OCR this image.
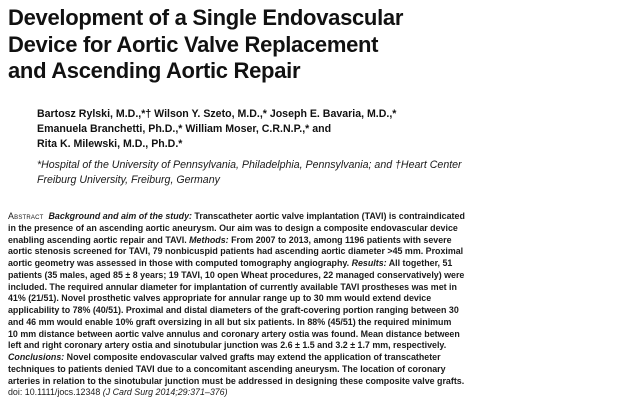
Development of a Single Endovascular
Device for Aortic Valve Replacement
and Ascending Aortic Repair
Bartosz Rylski, M.D.,*† Wilson Y. Szeto, M.D.,* Joseph E. Bavaria, M.D.,*
Emanuela Branchetti, Ph.D.,* William Moser, C.R.N.P.,* and
Rita K. Milewski, M.D., Ph.D.*
*Hospital of the University of Pennsylvania, Philadelphia, Pennsylvania; and †Heart Center
Freiburg University, Freiburg, Germany
Abstract Background and aim of the study: Transcatheter aortic valve implantation (TAVI) is contraindicated
in the presence of an ascending aortic aneurysm. Our aim was to design a composite endovascular device
enabling ascending aortic repair and TAVI. Methods: From 2007 to 2013, among 1196 patients with severe
aortic stenosis screened for TAVI, 79 nonbicuspid patients had ascending aortic diameter >45 mm. Proximal
aortic geometry was assessed in those with computed tomography angiography. Results: All together, 51
patients (35 males, aged 85 ± 8 years; 19 TAVI, 10 open Wheat procedures, 22 managed conservatively) were
included. The required annular diameter for implantation of currently available TAVI prostheses was met in
41% (21/51). Novel prosthetic valves appropriate for annular range up to 30 mm would extend device
applicability to 78% (40/51). Proximal and distal diameters of the graft-covering portion ranging between 30
and 46 mm would enable 10% graft oversizing in all but six patients. In 88% (45/51) the required minimum
10 mm distance between aortic valve annulus and coronary artery ostia was found. Mean distance between
left and right coronary artery ostia and sinotubular junction was 2.6 ± 1.5 and 3.2 ± 1.7 mm, respectively.
Conclusions: Novel composite endovascular valved grafts may extend the application of transcatheter
techniques to patients denied TAVI due to a concomitant ascending aneurysm. The location of coronary
arteries in relation to the sinotubular junction must be addressed in designing these composite valve grafts.
doi: 10.1111/jocs.12348 (J Card Surg 2014;29:371–376)
